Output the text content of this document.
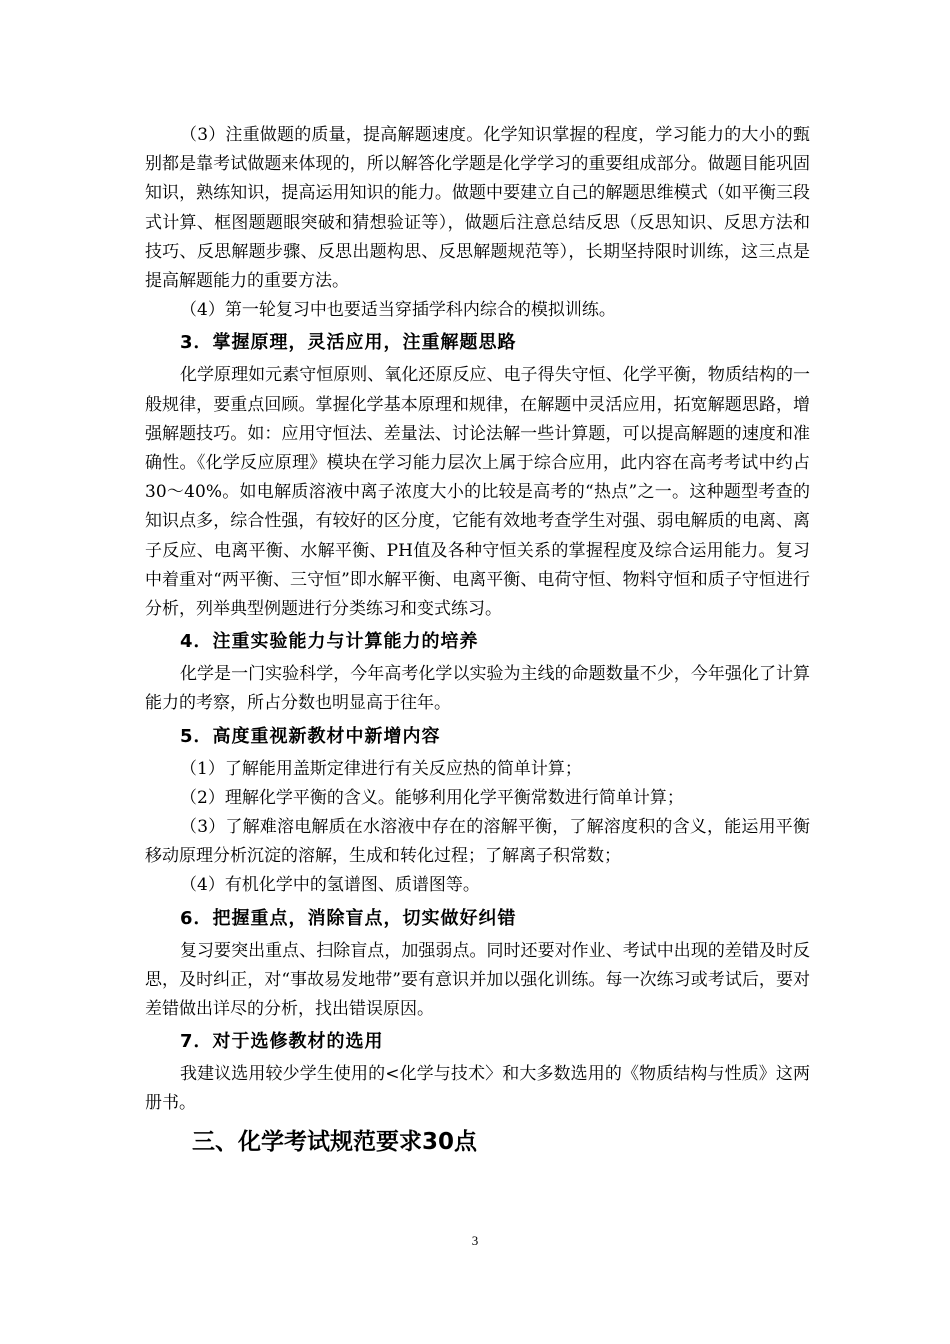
（3）注重做题的质量，提高解题速度。化学知识掌握的程度，学习能力的大小的甄别都是靠考试做题来体现的，所以解答化学题是化学学习的重要组成部分。做题目能巩固知识，熟练知识，提高运用知识的能力。做题中要建立自己的解题思维模式（如平衡三段式计算、框图题题眼突破和猜想验证等），做题后注意总结反思（反思知识、反思方法和技巧、反思解题步骤、反思出题构思、反思解题规范等），长期坚持限时训练，这三点是提高解题能力的重要方法。

（4）第一轮复习中也要适当穿插学科内综合的模拟训练。

3．掌握原理，灵活应用，注重解题思路

化学原理如元素守恒原则、氧化还原反应、电子得失守恒、化学平衡，物质结构的一般规律，要重点回顾。掌握化学基本原理和规律，在解题中灵活应用，拓宽解题思路，增强解题技巧。如：应用守恒法、差量法、讨论法解一些计算题，可以提高解题的速度和准确性。《化学反应原理》模块在学习能力层次上属于综合应用，此内容在高考考试中约占30～40%。如电解质溶液中离子浓度大小的比较是高考的“热点”之一。这种题型考查的知识点多，综合性强，有较好的区分度，它能有效地考查学生对强、弱电解质的电离、离子反应、电离平衡、水解平衡、PH值及各种守恒关系的掌握程度及综合运用能力。复习中着重对“两平衡、三守恒”即水解平衡、电离平衡、电荷守恒、物料守恒和质子守恒进行分析，列举典型例题进行分类练习和变式练习。

4．注重实验能力与计算能力的培养

化学是一门实验科学，今年高考化学以实验为主线的命题数量不少，今年强化了计算能力的考察，所占分数也明显高于往年。

5．高度重视新教材中新增内容

（1）了解能用盖斯定律进行有关反应热的简单计算；

（2）理解化学平衡的含义。能够利用化学平衡常数进行简单计算；

（3）了解难溶电解质在水溶液中存在的溶解平衡，了解溶度积的含义，能运用平衡移动原理分析沉淀的溶解，生成和转化过程；了解离子积常数；

（4）有机化学中的氢谱图、质谱图等。

6．把握重点，消除盲点，切实做好纠错

复习要突出重点、扫除盲点，加强弱点。同时还要对作业、考试中出现的差错及时反思，及时纠正，对“事故易发地带”要有意识并加以强化训练。每一次练习或考试后，要对差错做出详尽的分析，找出错误原因。

7．对于选修教材的选用

我建议选用较少学生使用的<化学与技术〉和大多数选用的《物质结构与性质》这两册书。

三、化学考试规范要求30点
3
